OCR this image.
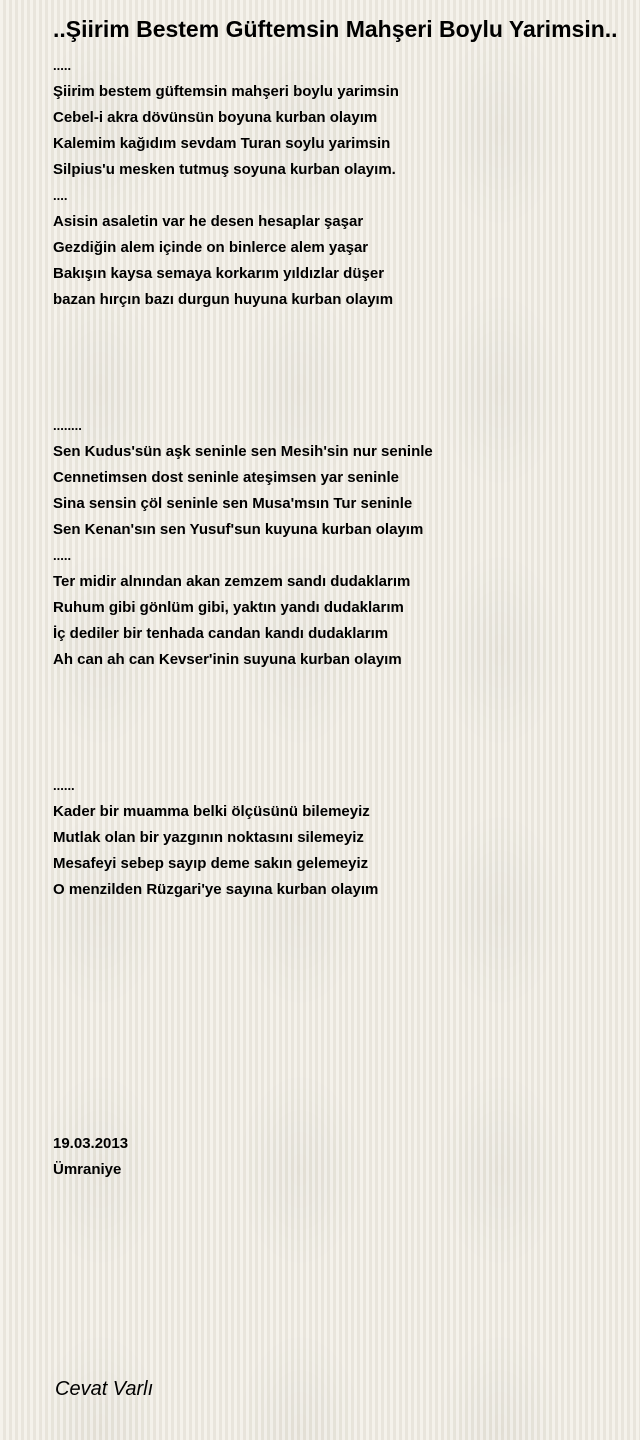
..Şiirim Bestem Güftemsin Mahşeri Boylu Yarimsin..
.....
Şiirim bestem güftemsin mahşeri boylu yarimsin
Cebel-i akra dövünsün boyuna kurban olayım
Kalemim kağıdım sevdam Turan soylu yarimsin
Silpius'u mesken tutmuş soyuna kurban olayım.
....
Asisin asaletin var he desen hesaplar şaşar
Gezdiğin alem içinde on binlerce alem yaşar
Bakışın kaysa semaya korkarım yıldızlar düşer
bazan hırçın bazı durgun huyuna kurban olayım
........
Sen Kudus'sün aşk seninle sen Mesih'sin nur seninle
Cennetimsen dost seninle ateşimsen yar seninle
Sina sensin çöl seninle sen Musa'msın Tur seninle
Sen Kenan'sın sen Yusuf'sun kuyuna kurban olayım
.....
Ter midir alnından akan zemzem sandı dudaklarım
Ruhum gibi gönlüm gibi, yaktın yandı dudaklarım
İç dediler bir tenhada candan kandı dudaklarım
Ah can ah can Kevser'inin suyuna kurban olayım
......
Kader bir muamma belki ölçüsünü bilemeyiz
Mutlak olan bir yazgının noktasını silemeyiz
Mesafeyi sebep sayıp deme sakın gelemeyiz
O menzilden Rüzgari'ye sayına kurban olayım
19.03.2013
Ümraniye
Cevat Varlı
